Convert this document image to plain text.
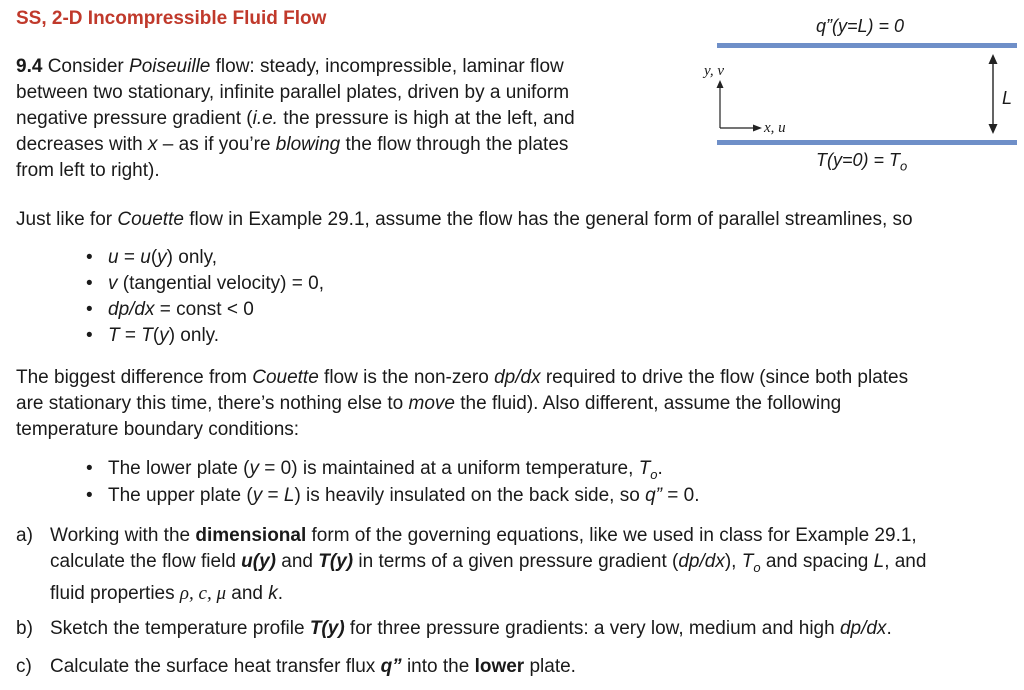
SS, 2-D Incompressible Fluid Flow
9.4 Consider Poiseuille flow: steady, incompressible, laminar flow
between two stationary, infinite parallel plates, driven by a uniform
negative pressure gradient (i.e. the pressure is high at the left, and
decreases with x – as if you’re blowing the flow through the plates
from left to right).
q”(y=L) = 0
y, v
x, u
L
$T(y=0) = T_o$
Just like for Couette flow in Example 29.1, assume the flow has the general form of parallel streamlines, so
• u = u(y) only,
• v (tangential velocity) = 0,
• dp/dx = const < 0
• T = T(y) only.
The biggest difference from Couette flow is the non-zero dp/dx required to drive the flow (since both plates
are stationary this time, there’s nothing else to move the fluid). Also different, assume the following
temperature boundary conditions:
• The lower plate (y = 0) is maintained at a uniform temperature, $T_o$.
• The upper plate (y = L) is heavily insulated on the back side, so q” = 0.
a) Working with the dimensional form of the governing equations, like we used in class for Example 29.1,
calculate the flow field u(y) and T(y) in terms of a given pressure gradient (dp/dx), $T_o$ and spacing L, and
fluid properties ρ, c, μ and k.
b) Sketch the temperature profile T(y) for three pressure gradients: a very low, medium and high dp/dx.
c) Calculate the surface heat transfer flux q” into the lower plate.
